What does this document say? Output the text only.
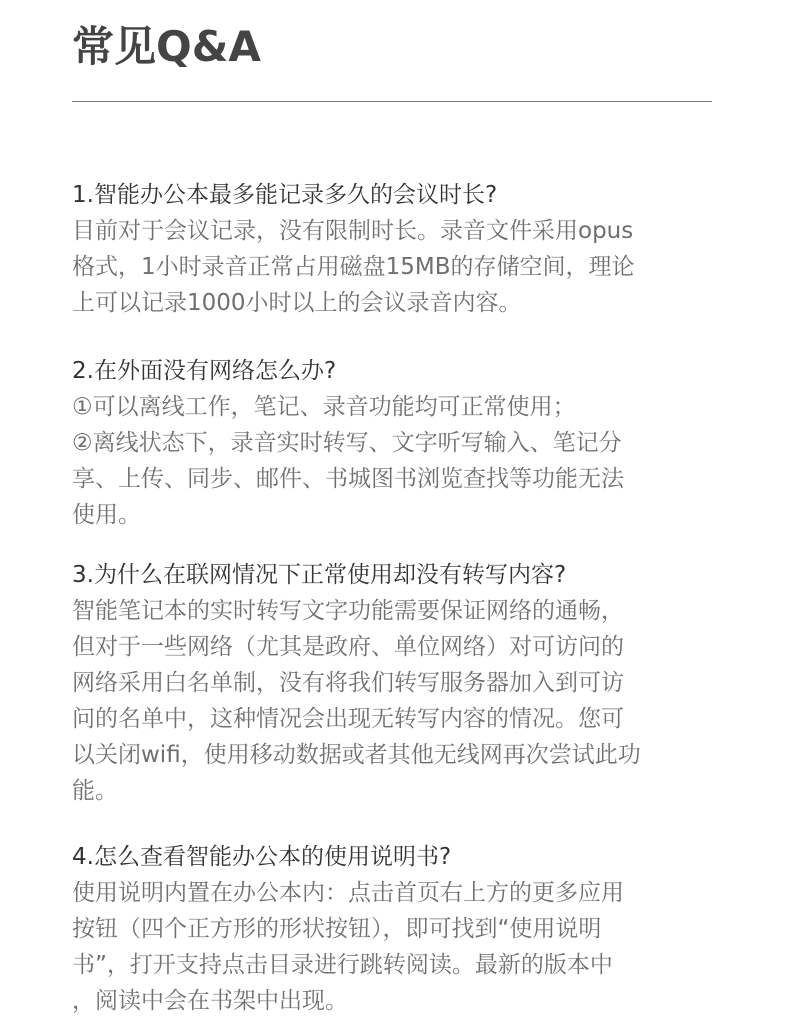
常见Q&A
1.智能办公本最多能记录多久的会议时长?
目前对于会议记录，没有限制时长。录音文件采用opus
格式，1小时录音正常占用磁盘15MB的存储空间，理论
上可以记录1000小时以上的会议录音内容。
2.在外面没有网络怎么办?
①可以离线工作，笔记、录音功能均可正常使用；
②离线状态下，录音实时转写、文字听写输入、笔记分
享、上传、同步、邮件、书城图书浏览查找等功能无法
使用。
3.为什么在联网情况下正常使用却没有转写内容?
智能笔记本的实时转写文字功能需要保证网络的通畅，
但对于一些网络（尤其是政府、单位网络）对可访问的
网络采用白名单制，没有将我们转写服务器加入到可访
问的名单中，这种情况会出现无转写内容的情况。您可
以关闭wifi，使用移动数据或者其他无线网再次尝试此功
能。
4.怎么查看智能办公本的使用说明书?
使用说明内置在办公本内：点击首页右上方的更多应用
按钮（四个正方形的形状按钮），即可找到“使用说明
书”，打开支持点击目录进行跳转阅读。最新的版本中
，阅读中会在书架中出现。
